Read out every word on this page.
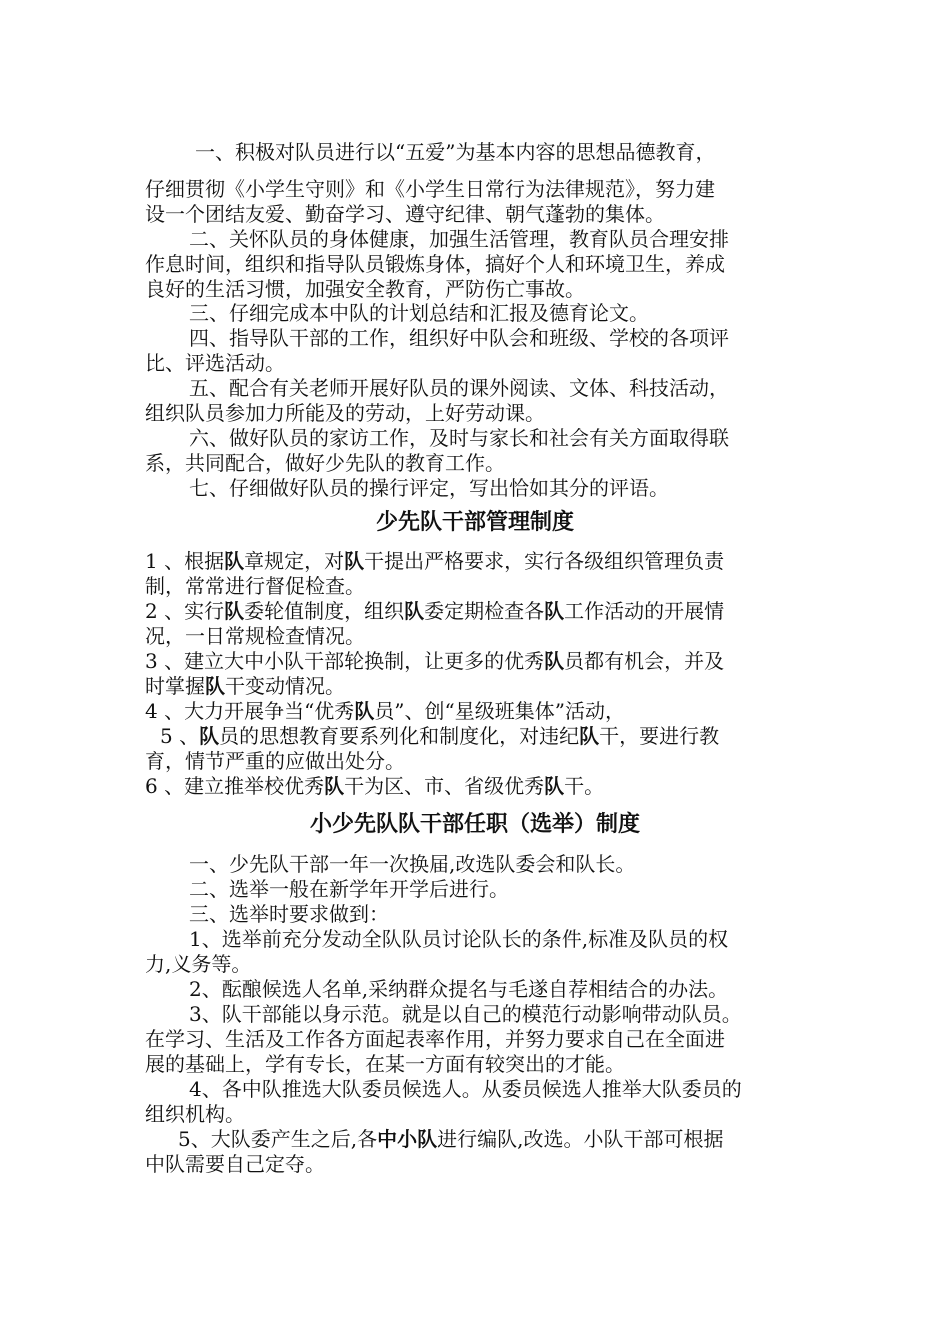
一、积极对队员进行以“五爱”为基本内容的思想品德教育，
仔细贯彻《小学生守则》和《小学生日常行为法律规范》，努力建
设一个团结友爱、勤奋学习、遵守纪律、朝气蓬勃的集体。
二、关怀队员的身体健康，加强生活管理，教育队员合理安排
作息时间，组织和指导队员锻炼身体，搞好个人和环境卫生，养成
良好的生活习惯，加强安全教育，严防伤亡事故。
三、仔细完成本中队的计划总结和汇报及德育论文。
四、指导队干部的工作，组织好中队会和班级、学校的各项评
比、评选活动。
五、配合有关老师开展好队员的课外阅读、文体、科技活动，
组织队员参加力所能及的劳动，上好劳动课。
六、做好队员的家访工作，及时与家长和社会有关方面取得联
系，共同配合，做好少先队的教育工作。
七、仔细做好队员的操行评定，写出恰如其分的评语。
少先队干部管理制度
1 、根据队章规定，对队干提出严格要求，实行各级组织管理负责
制，常常进行督促检查。
2 、实行队委轮值制度，组织队委定期检查各队工作活动的开展情
况，一日常规检查情况。
3 、建立大中小队干部轮换制，让更多的优秀队员都有机会，并及
时掌握队干变动情况。
4 、大力开展争当“优秀队员”、创“星级班集体”活动，
5 、队员的思想教育要系列化和制度化，对违纪队干，要进行教
育，情节严重的应做出处分。
6 、建立推举校优秀队干为区、市、省级优秀队干。
小少先队队干部任职（选举）制度
一、少先队干部一年一次换届,改选队委会和队长。
二、选举一般在新学年开学后进行。
三、选举时要求做到：
1、选举前充分发动全队队员讨论队长的条件,标准及队员的权
力,义务等。
2、酝酿候选人名单,采纳群众提名与毛遂自荐相结合的办法。
3、队干部能以身示范。就是以自己的模范行动影响带动队员。
在学习、生活及工作各方面起表率作用，并努力要求自己在全面进
展的基础上，学有专长，在某一方面有较突出的才能。
4、各中队推选大队委员候选人。从委员候选人推举大队委员的
组织机构。
5、大队委产生之后,各中小队进行编队,改选。小队干部可根据
中队需要自己定夺。
